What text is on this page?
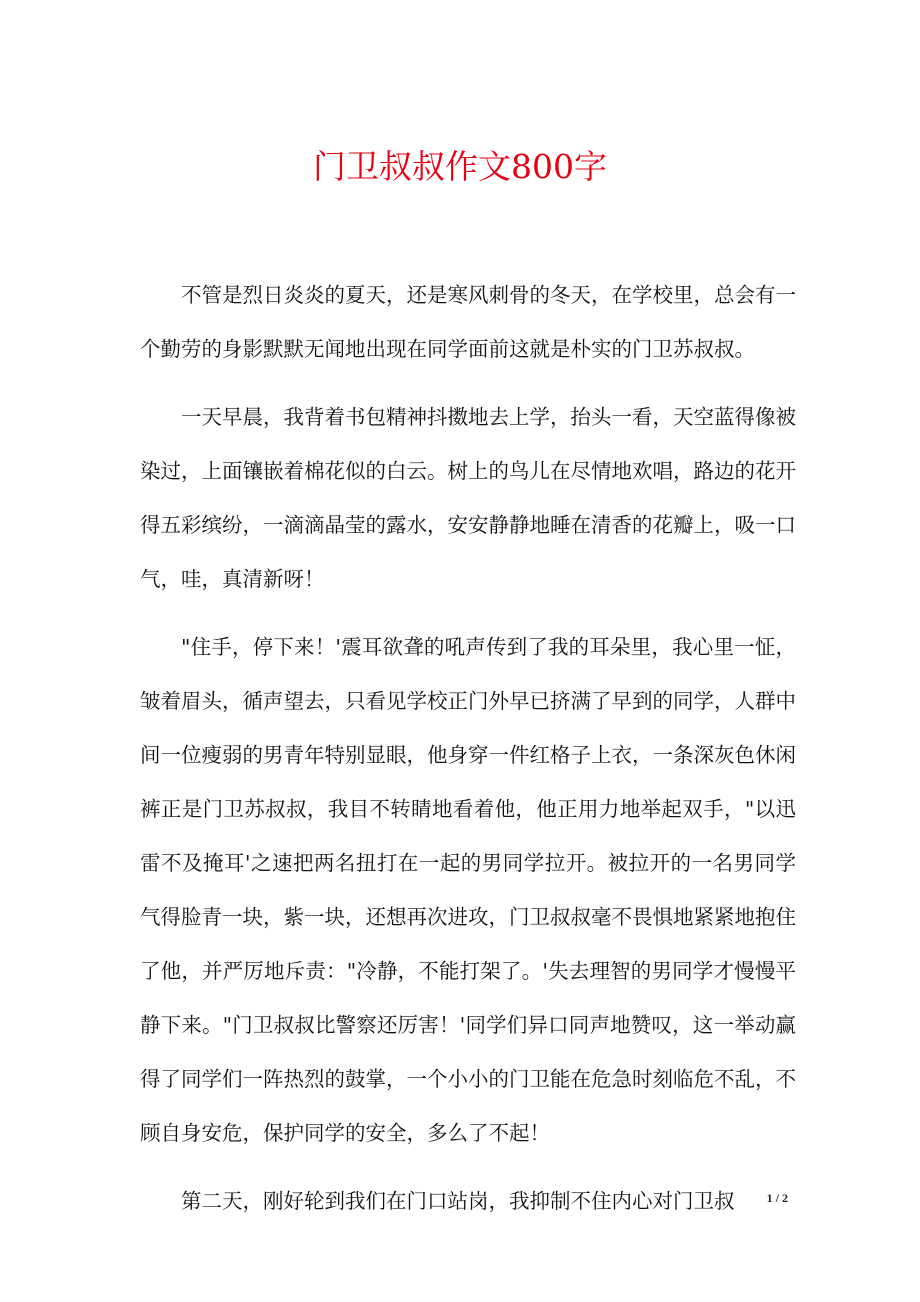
门卫叔叔作文800字

不管是烈日炎炎的夏天，还是寒风刺骨的冬天，在学校里，总会有一个勤劳的身影默默无闻地出现在同学面前这就是朴实的门卫苏叔叔。

一天早晨，我背着书包精神抖擞地去上学，抬头一看，天空蓝得像被染过，上面镶嵌着棉花似的白云。树上的鸟儿在尽情地欢唱，路边的花开得五彩缤纷，一滴滴晶莹的露水，安安静静地睡在清香的花瓣上，吸一口气，哇，真清新呀！

"住手，停下来！'震耳欲聋的吼声传到了我的耳朵里，我心里一怔，皱着眉头，循声望去，只看见学校正门外早已挤满了早到的同学，人群中间一位瘦弱的男青年特别显眼，他身穿一件红格子上衣，一条深灰色休闲裤正是门卫苏叔叔，我目不转睛地看着他，他正用力地举起双手，"以迅雷不及掩耳'之速把两名扭打在一起的男同学拉开。被拉开的一名男同学气得脸青一块，紫一块，还想再次进攻，门卫叔叔毫不畏惧地紧紧地抱住了他，并严厉地斥责："冷静，不能打架了。'失去理智的男同学才慢慢平静下来。"门卫叔叔比警察还厉害！'同学们异口同声地赞叹，这一举动赢得了同学们一阵热烈的鼓掌，一个小小的门卫能在危急时刻临危不乱，不顾自身安危，保护同学的安全，多么了不起！

第二天，刚好轮到我们在门口站岗，我抑制不住内心对门卫叔	1 / 2
